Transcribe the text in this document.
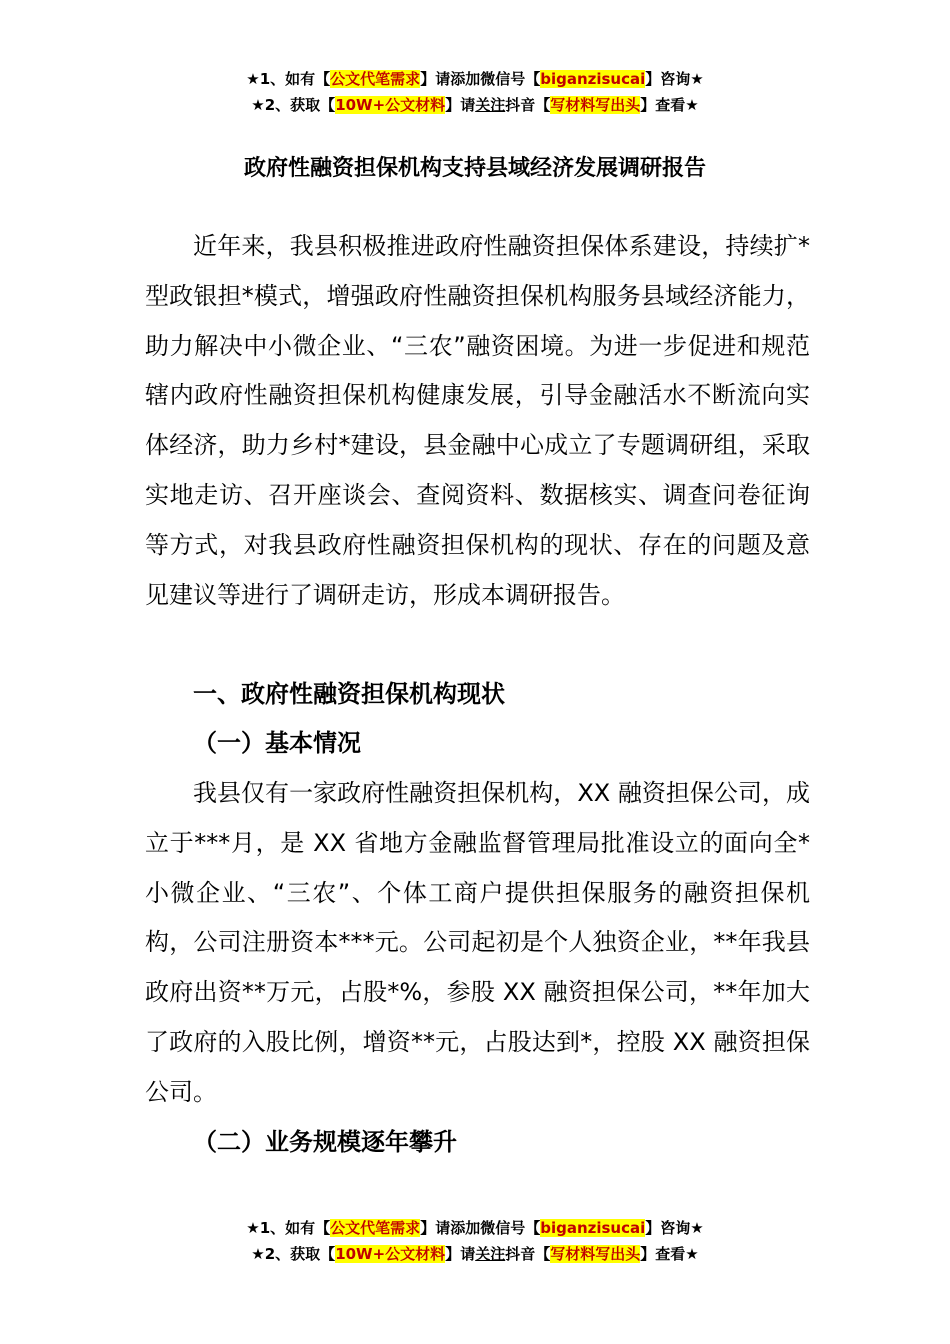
★1、如有【公文代笔需求】请添加微信号【biganzisucai】咨询★
★2、获取【10W+公文材料】请关注抖音【写材料写出头】查看★
政府性融资担保机构支持县域经济发展调研报告
近年来，我县积极推进政府性融资担保体系建设，持续扩*型政银担*模式，增强政府性融资担保机构服务县域经济能力，助力解决中小微企业、“三农”融资困境。为进一步促进和规范辖内政府性融资担保机构健康发展，引导金融活水不断流向实体经济，助力乡村*建设，县金融中心成立了专题调研组，采取实地走访、召开座谈会、查阅资料、数据核实、调查问卷征询等方式，对我县政府性融资担保机构的现状、存在的问题及意见建议等进行了调研走访，形成本调研报告。
一、政府性融资担保机构现状
（一）基本情况
我县仅有一家政府性融资担保机构，XX 融资担保公司，成立于***月，是 XX 省地方金融监督管理局批准设立的面向全*小微企业、“三农”、个体工商户提供担保服务的融资担保机构，公司注册资本***元。公司起初是个人独资企业，**年我县政府出资**万元，占股*%，参股 XX 融资担保公司，**年加大了政府的入股比例，增资**元，占股达到*，控股 XX 融资担保公司。
（二）业务规模逐年攀升
★1、如有【公文代笔需求】请添加微信号【biganzisucai】咨询★
★2、获取【10W+公文材料】请关注抖音【写材料写出头】查看★
